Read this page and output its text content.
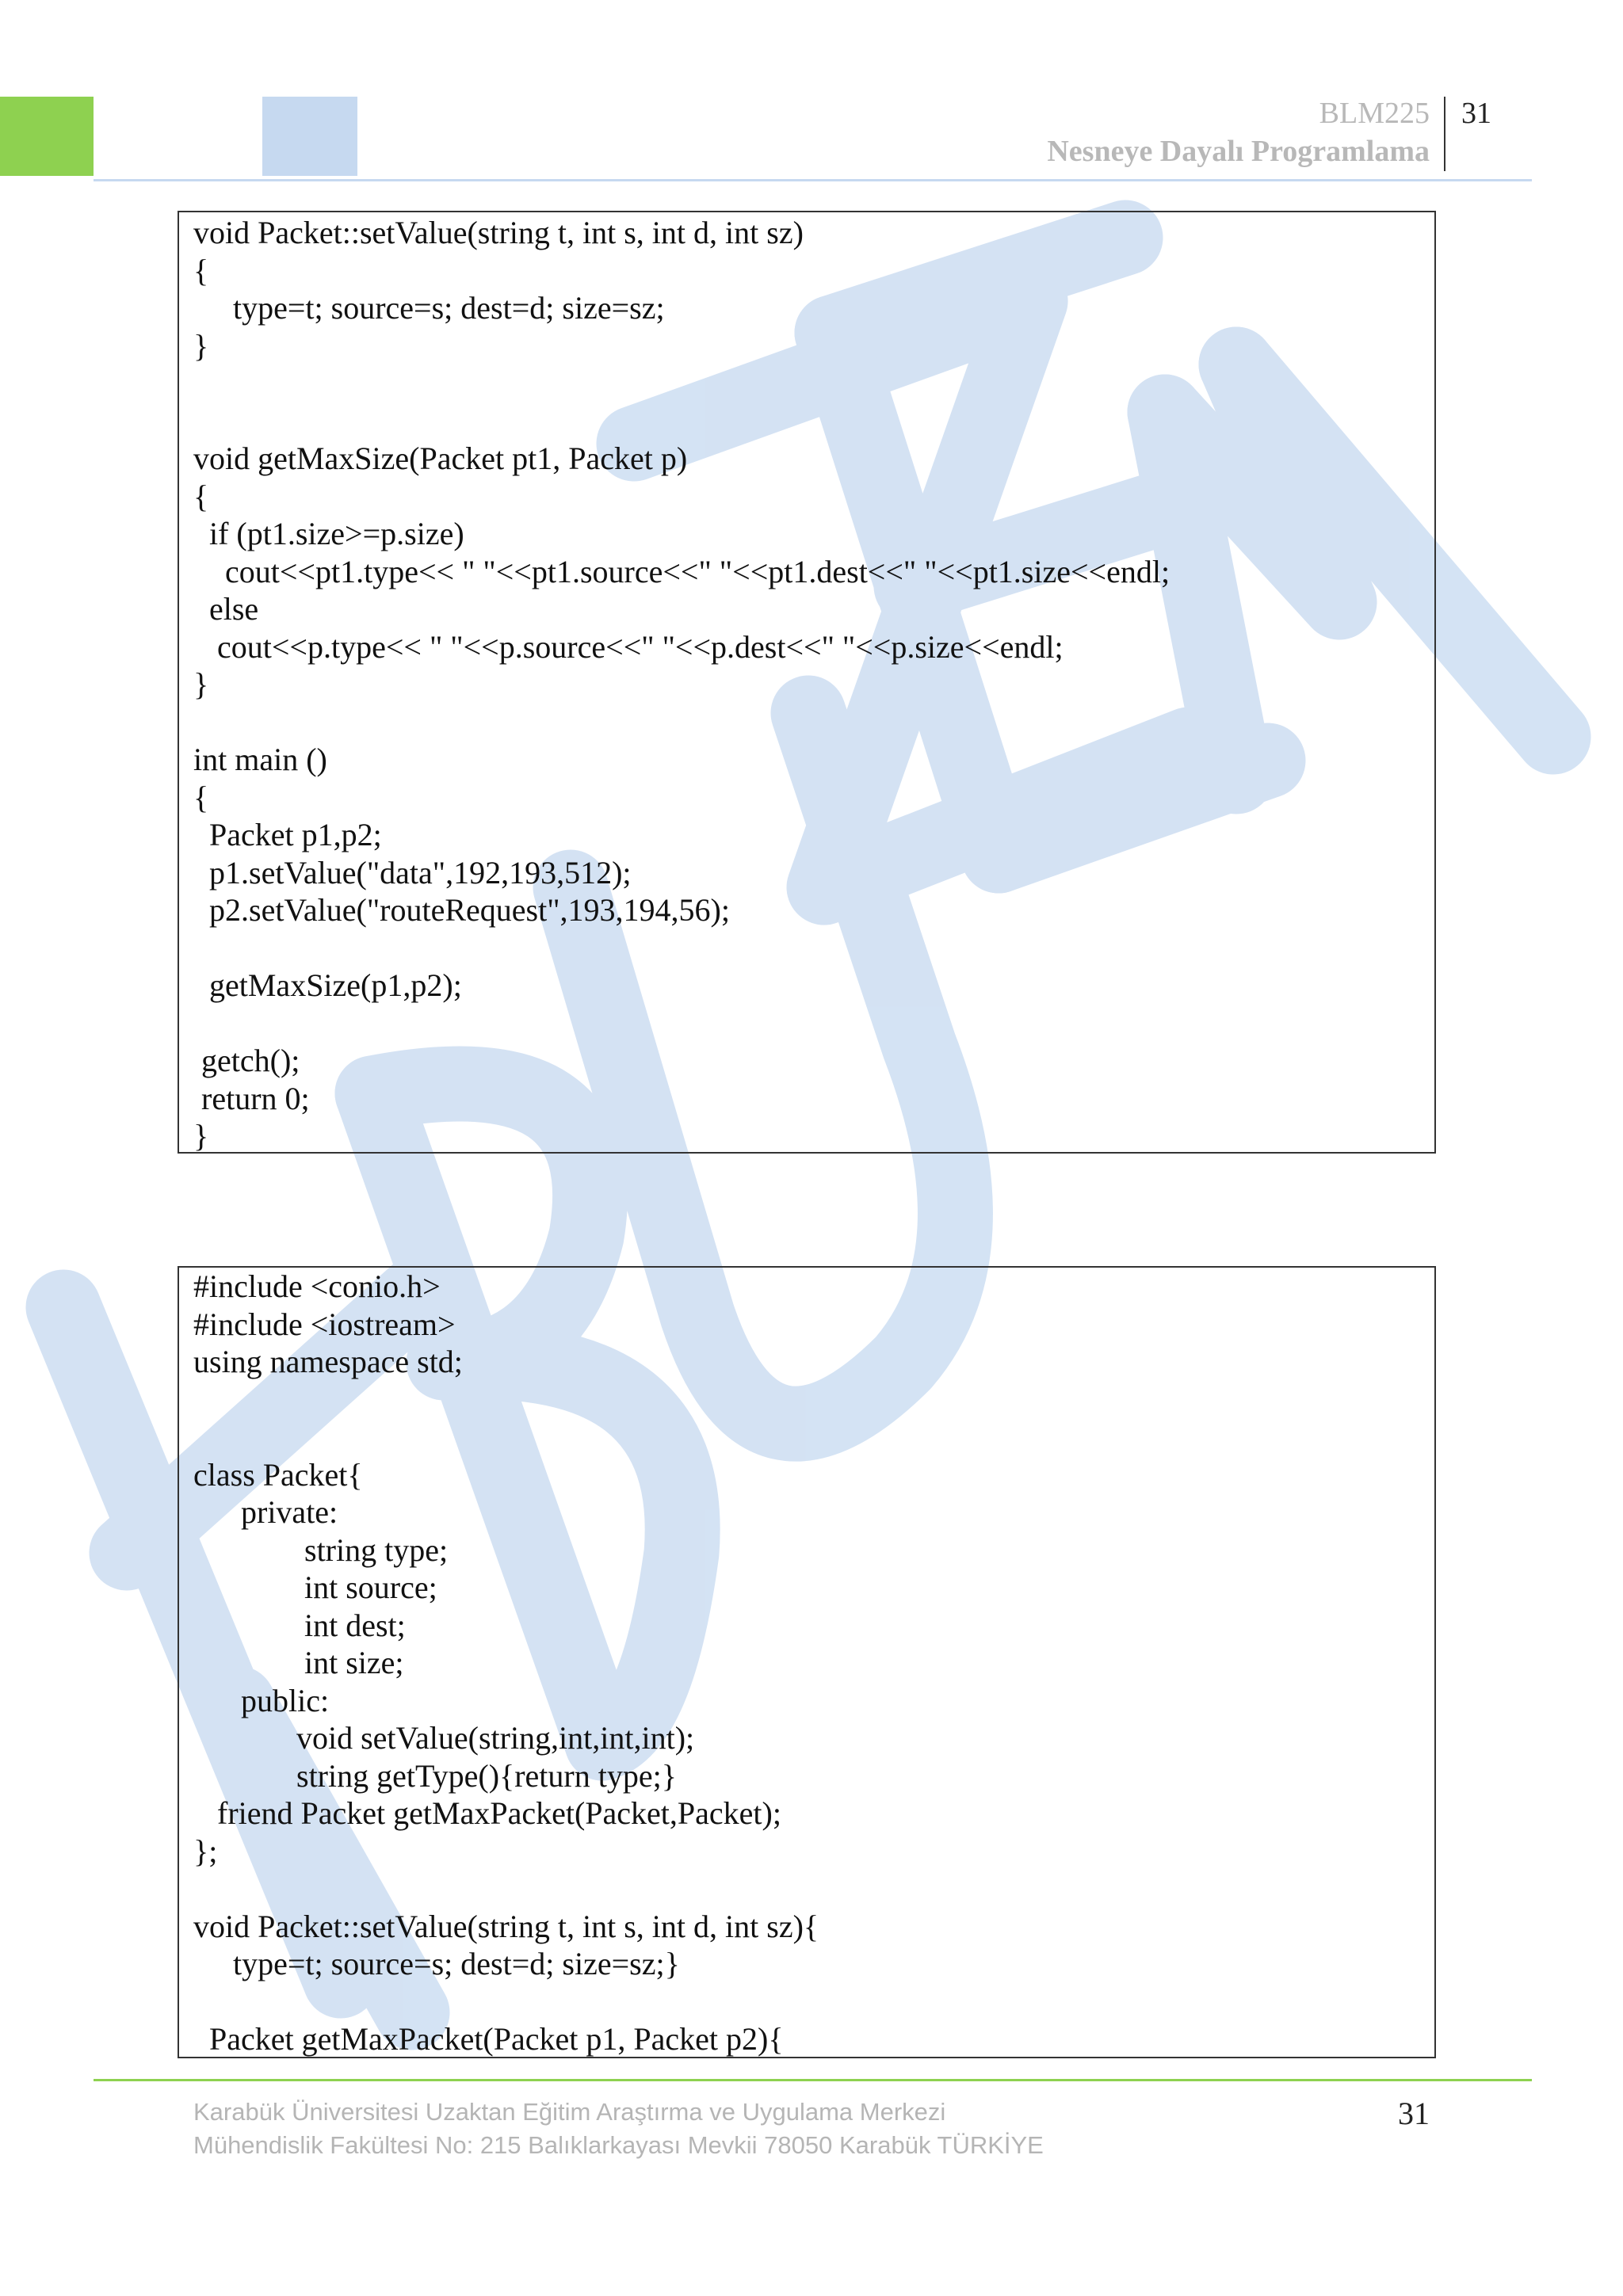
BLM225
Nesneye Dayalı Programlama
31
void Packet::setValue(string t, int s, int d, int sz)
{
type=t; source=s; dest=d; size=sz;
}

void getMaxSize(Packet pt1, Packet p)
{
if (pt1.size>=p.size)
cout<<pt1.type<< " "<<pt1.source<<" "<<pt1.dest<<" "<<pt1.size<<endl;
else
cout<<p.type<< " "<<p.source<<" "<<p.dest<<" "<<p.size<<endl;
}

int main ()
{
Packet p1,p2;
p1.setValue("data",192,193,512);
p2.setValue("routeRequest",193,194,56);

getMaxSize(p1,p2);

getch();
return 0;
}
#include <conio.h>
#include <iostream>
using namespace std;

class Packet{
private:
string type;
int source;
int dest;
int size;
public:
void setValue(string,int,int,int);
string getType(){return type;}
friend Packet getMaxPacket(Packet,Packet);
};

void Packet::setValue(string t, int s, int d, int sz){
type=t; source=s; dest=d; size=sz;}

Packet getMaxPacket(Packet p1, Packet p2){
Karabük Üniversitesi Uzaktan Eğitim Araştırma ve Uygulama Merkezi
Mühendislik Fakültesi No: 215 Balıklarkayası Mevkii 78050 Karabük TÜRKİYE
31
